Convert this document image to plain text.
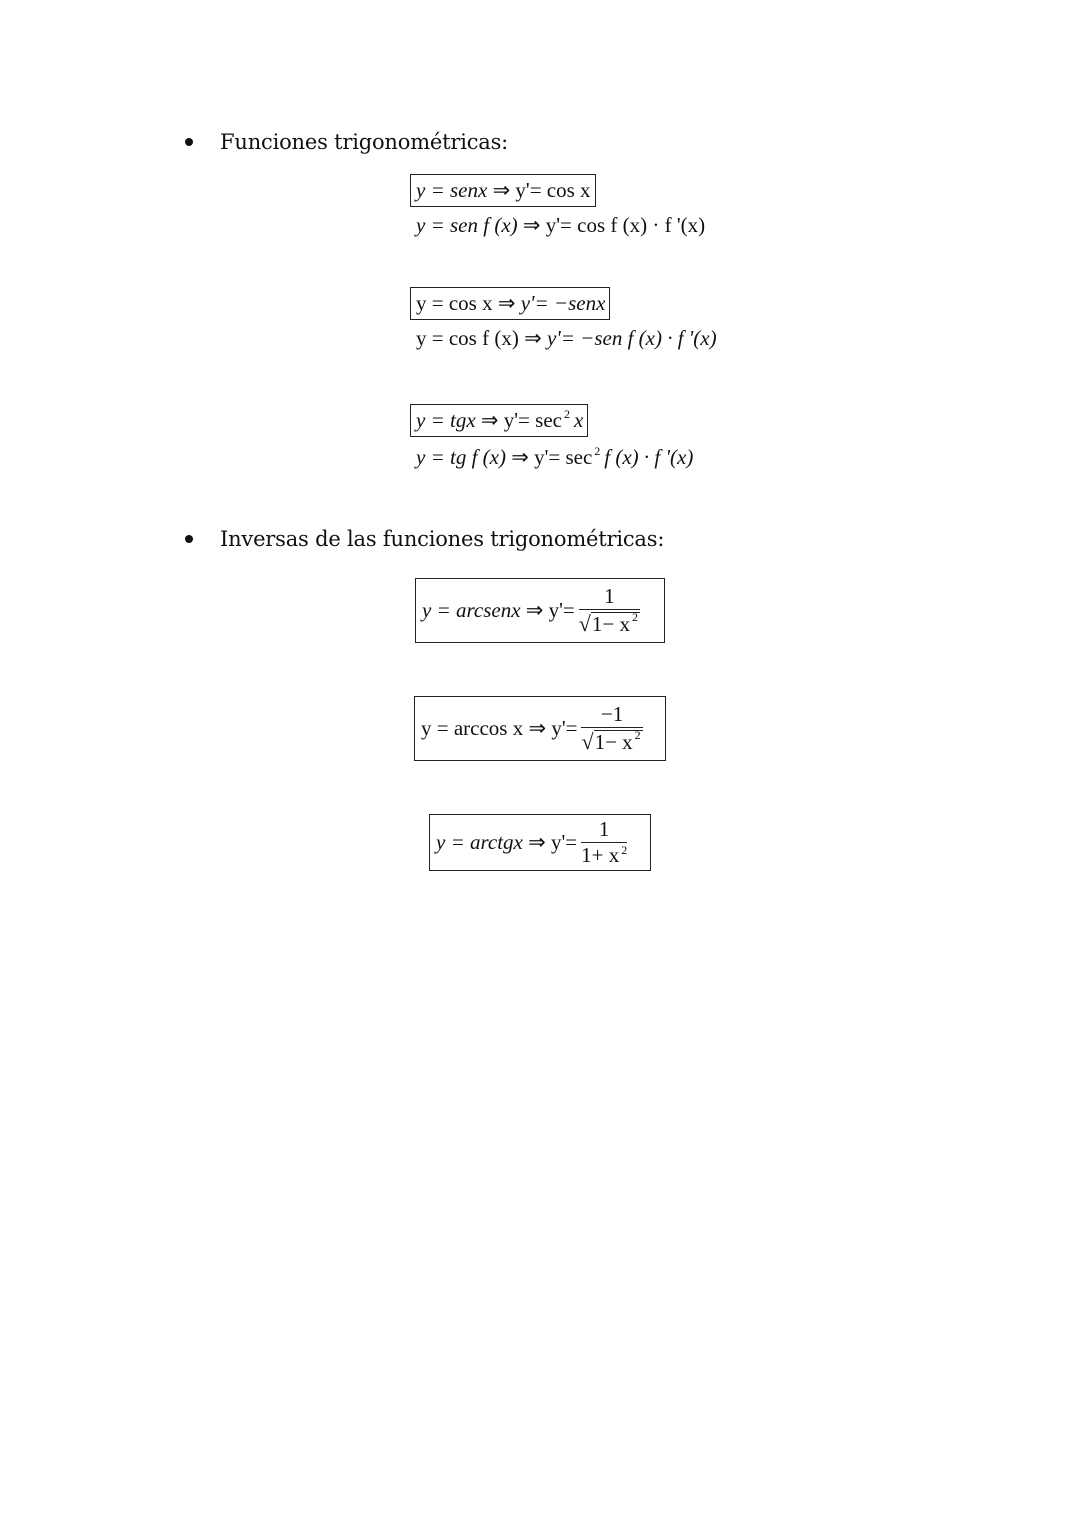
Funciones trigonométricas:
y = senx ⇒ y'= cos x
y = sen f (x) ⇒ y'= cos f (x) · f '(x)
y = cos x ⇒ y'= −senx
y = cos f (x) ⇒ y'= −sen f (x) · f '(x)
y = tgx ⇒ y'= sec $^2$ x
y = tg f (x) ⇒ y'= sec $^2$ f (x) · f '(x)
Inversas de las funciones trigonométricas:
y = arcsenx
⇒
$y'= \frac{1}{√ 1- x ^2}$
y = arccos x
⇒
$y'= \frac{-1}{√ 1- x ^2}$
y = arctgx
⇒
$y'= \frac{1}{1+ x 2}$
